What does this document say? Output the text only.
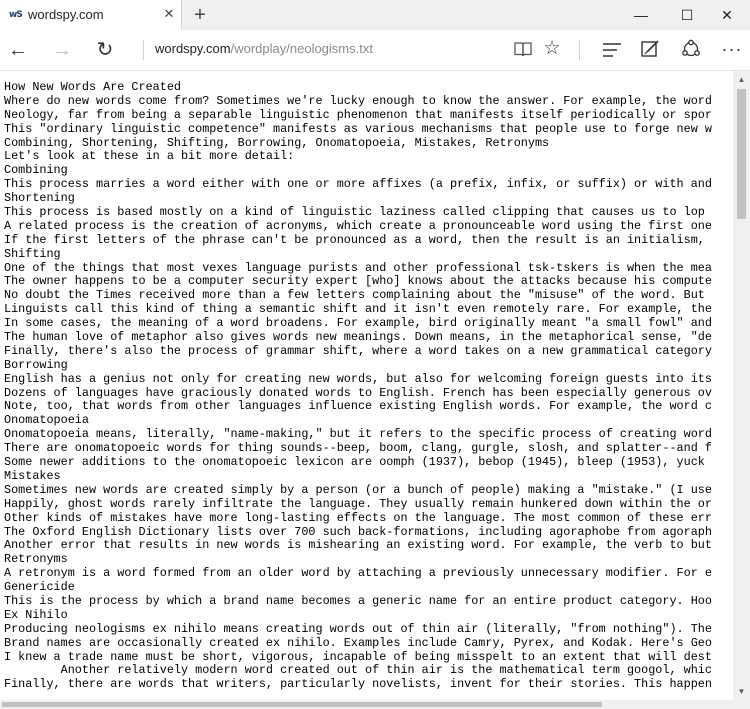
wS wordspy.com	✕ +	—	☐	✕
← → ↻	wordspy.com/wordplay/neologisms.txt	☆	···
How New Words Are Created
Where do new words come from? Sometimes we're lucky enough to know the answer. For example, the word
Neology, far from being a separable linguistic phenomenon that manifests itself periodically or spor
This "ordinary linguistic competence" manifests as various mechanisms that people use to forge new w
Combining, Shortening, Shifting, Borrowing, Onomatopoeia, Mistakes, Retronyms
Let's look at these in a bit more detail:
Combining
This process marries a word either with one or more affixes (a prefix, infix, or suffix) or with and
Shortening
This process is based mostly on a kind of linguistic laziness called clipping that causes us to lop
A related process is the creation of acronyms, which create a pronounceable word using the first one
If the first letters of the phrase can't be pronounced as a word, then the result is an initialism,
Shifting
One of the things that most vexes language purists and other professional tsk-tskers is when the mea
The owner happens to be a computer security expert [who] knows about the attacks because his compute
No doubt the Times received more than a few letters complaining about the "misuse" of the word. But
Linguists call this kind of thing a semantic shift and it isn't even remotely rare. For example, the
In some cases, the meaning of a word broadens. For example, bird originally meant "a small fowl" and
The human love of metaphor also gives words new meanings. Down means, in the metaphorical sense, "de
Finally, there's also the process of grammar shift, where a word takes on a new grammatical category
Borrowing
English has a genius not only for creating new words, but also for welcoming foreign guests into its
Dozens of languages have graciously donated words to English. French has been especially generous ov
Note, too, that words from other languages influence existing English words. For example, the word c
Onomatopoeia
Onomatopoeia means, literally, "name-making," but it refers to the specific process of creating word
There are onomatopoeic words for thing sounds--beep, boom, clang, gurgle, slosh, and splatter--and f
Some newer additions to the onomatopoeic lexicon are oomph (1937), bebop (1945), bleep (1953), yuck
Mistakes
Sometimes new words are created simply by a person (or a bunch of people) making a "mistake." (I use
Happily, ghost words rarely infiltrate the language. They usually remain hunkered down within the or
Other kinds of mistakes have more long-lasting effects on the language. The most common of these err
The Oxford English Dictionary lists over 700 such back-formations, including agoraphobe from agoraph
Another error that results in new words is mishearing an existing word. For example, the verb to but
Retronyms
A retronym is a word formed from an older word by attaching a previously unnecessary modifier. For e
Genericide
This is the process by which a brand name becomes a generic name for an entire product category. Hoo
Ex Nihilo
Producing neologisms ex nihilo means creating words out of thin air (literally, "from nothing"). The
Brand names are occasionally created ex nihilo. Examples include Camry, Pyrex, and Kodak. Here's Geo
I knew a trade name must be short, vigorous, incapable of being misspelt to an extent that will dest
Another relatively modern word created out of thin air is the mathematical term googol, whic
Finally, there are words that writers, particularly novelists, invent for their stories. This happen
▲
▼
